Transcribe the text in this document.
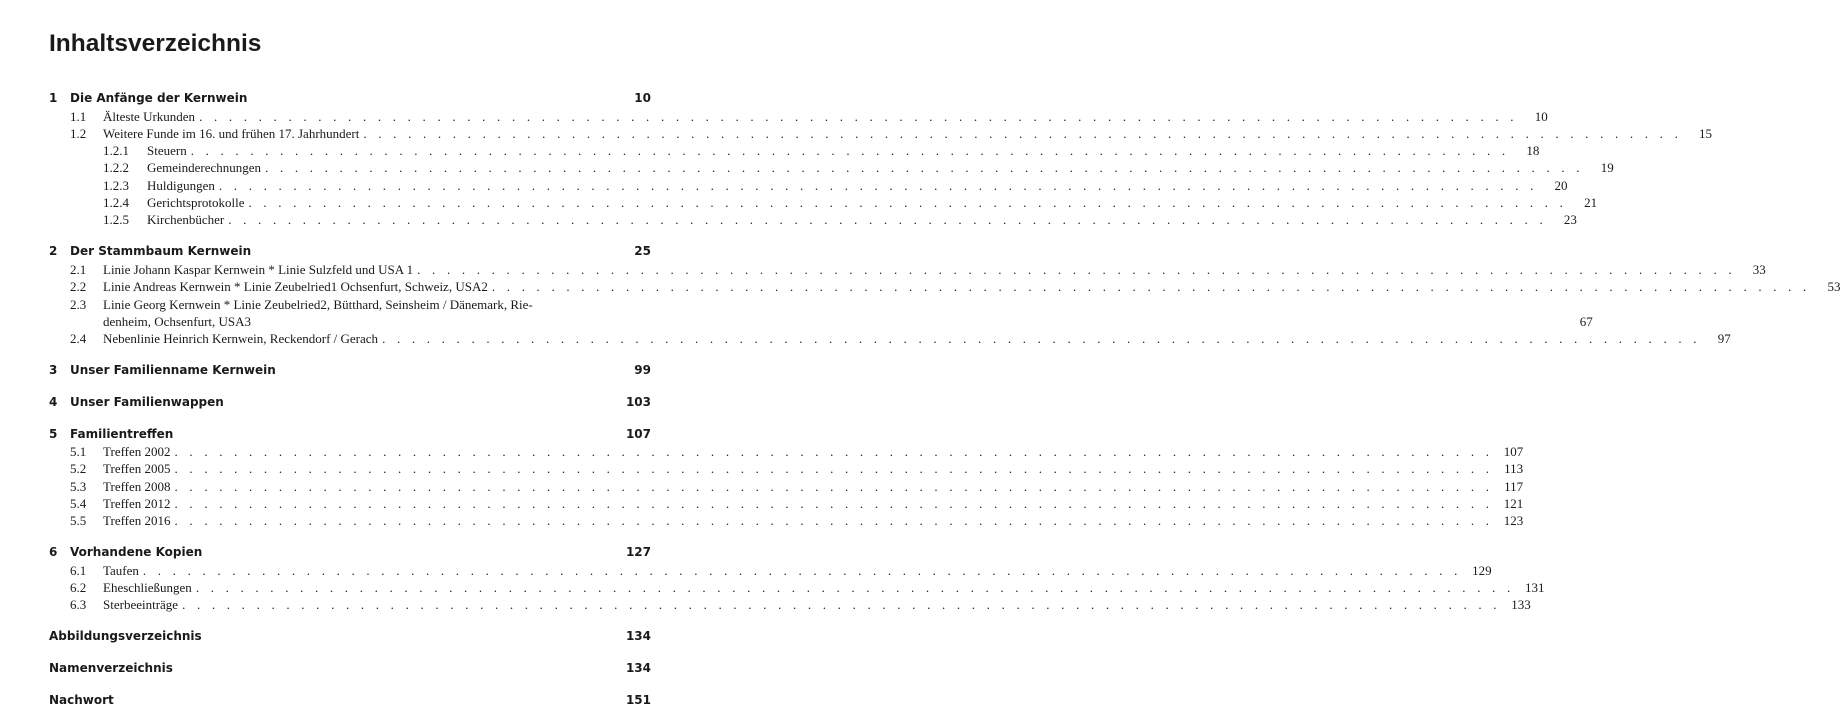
Inhaltsverzeichnis
1	Die Anfänge der Kernwein	10
1.1	Älteste Urkunden . . .	10
1.2	Weitere Funde im 16. und frühen 17. Jahrhundert . . .	15
1.2.1	Steuern . . .	18
1.2.2	Gemeinderechnungen . . .	19
1.2.3	Huldigungen . . .	20
1.2.4	Gerichtsprotokolle . . .	21
1.2.5	Kirchenbücher . . .	23
2	Der Stammbaum Kernwein	25
2.1	Linie Johann Kaspar Kernwein * Linie Sulzfeld und USA 1 . . .	33
2.2	Linie Andreas Kernwein * Linie Zeubelried1 Ochsenfurt, Schweiz, USA2 . . .	53
2.3	Linie Georg Kernwein * Linie Zeubelried2, Bütthard, Seinsheim / Dänemark, Rie-
denheim, Ochsenfurt, USA3	67
2.4	Nebenlinie Heinrich Kernwein, Reckendorf / Gerach . . .	97
3	Unser Familienname Kernwein	99
4	Unser Familienwappen	103
5	Familientreffen	107
5.1	Treffen 2002 . . .	107
5.2	Treffen 2005 . . .	113
5.3	Treffen 2008 . . .	117
5.4	Treffen 2012 . . .	121
5.5	Treffen 2016 . . .	123
6	Vorhandene Kopien	127
6.1	Taufen . . .	129
6.2	Eheschließungen . . .	131
6.3	Sterbeeinträge . . .	133
Abbildungsverzeichnis	134
Namenverzeichnis	134
Nachwort	151
